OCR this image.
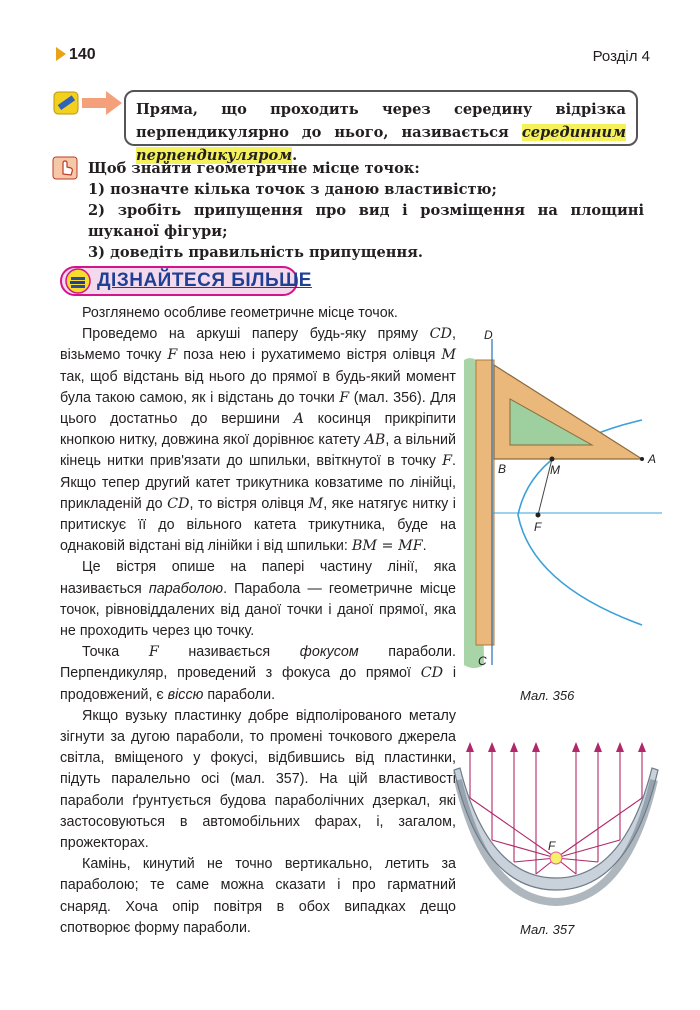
140	Розділ 4
Пряма, що проходить через середину відрізка перпендикулярно до нього, називається серединним перпендикуляром.

Щоб знайти геометричне місце точок:

1) позначте кілька точок з даною властивістю;

2) зробіть припущення про вид і розміщення на площині шуканої фігури;

3) доведіть правильність припущення.

ДІЗНАЙТЕСЯ БІЛЬШЕ

Розглянемо особливе геометричне місце точок.

Проведемо на аркуші паперу будь-яку пряму CD, візьмемо точку F поза нею і рухатимемо вістря олівця M так, щоб відстань від нього до прямої в будь-який момент була такою самою, як і відстань до точки F (мал. 356). Для цього достатньо до вершини A косинця прикріпити кнопкою нитку, довжина якої дорівнює катету AB, а вільний кінець нитки прив'язати до шпильки, ввіткнутої в точку F. Якщо тепер другий катет трикутника ковзатиме по лінійці, прикладеній до CD, то вістря олівця M, яке натягує нитку і притискує її до вільного катета трикутника, буде на однаковій відстані від лінійки і від шпильки: BM = MF.

Це вістря опише на папері частину лінії, яка називається параболою. Парабола — геометричне місце точок, рівновіддалених від даної точки і даної прямої, яка не проходить через цю точку.

Точка F називається фокусом параболи. Перпендикуляр, проведений з фокуса до прямої CD і продовжений, є віссю параболи.

Якщо вузьку пластинку добре відполірованого металу зігнути за дугою параболи, то промені точкового джерела світла, вміщеного у фокусі, відбившись від пластинки, підуть паралельно осі (мал. 357). На цій властивості параболи ґрунтується будова параболічних дзеркал, які застосовуються в автомобільних фарах, і, загалом, прожекторах.

Камінь, кинутий не точно вертикально, летить за параболою; те саме можна сказати і про гарматний снаряд. Хоча опір повітря в обох випадках дещо спотворює форму параболи.

D
C
A
B	M
F
Мал. 356
F
Мал. 357
